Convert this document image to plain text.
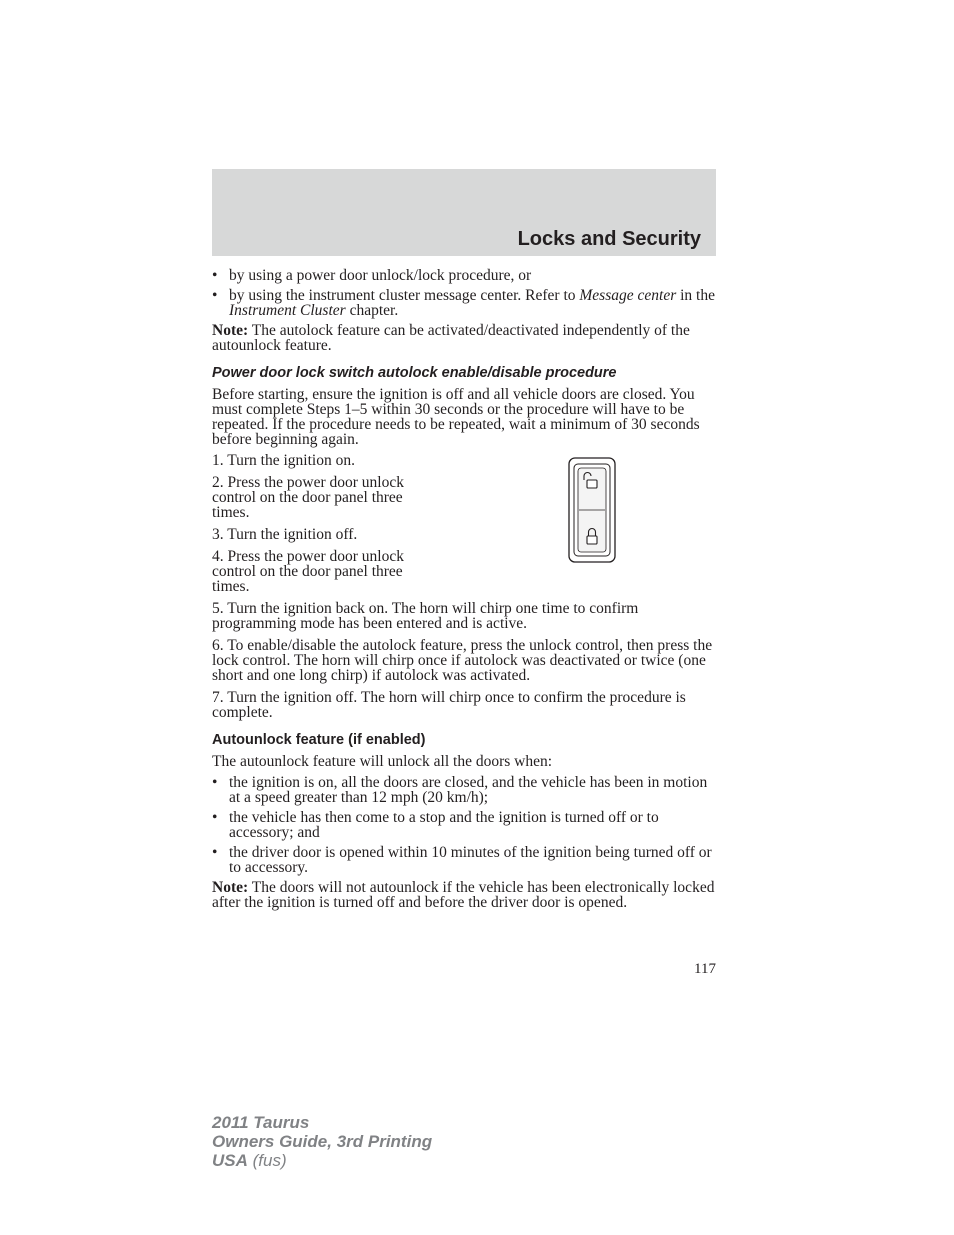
Locks and Security
• by using a power door unlock/lock procedure, or
• by using the instrument cluster message center. Refer to Message center in the Instrument Cluster chapter.
Note: The autolock feature can be activated/deactivated independently of the autounlock feature.
Power door lock switch autolock enable/disable procedure
Before starting, ensure the ignition is off and all vehicle doors are closed. You must complete Steps 1–5 within 30 seconds or the procedure will have to be repeated. If the procedure needs to be repeated, wait a minimum of 30 seconds before beginning again.
1. Turn the ignition on.
2. Press the power door unlock control on the door panel three times.
3. Turn the ignition off.
4. Press the power door unlock control on the door panel three times.
5. Turn the ignition back on. The horn will chirp one time to confirm programming mode has been entered and is active.
6. To enable/disable the autolock feature, press the unlock control, then press the lock control. The horn will chirp once if autolock was deactivated or twice (one short and one long chirp) if autolock was activated.
7. Turn the ignition off. The horn will chirp once to confirm the procedure is complete.
Autounlock feature (if enabled)
The autounlock feature will unlock all the doors when:
• the ignition is on, all the doors are closed, and the vehicle has been in motion at a speed greater than 12 mph (20 km/h);
• the vehicle has then come to a stop and the ignition is turned off or to accessory; and
• the driver door is opened within 10 minutes of the ignition being turned off or to accessory.
Note: The doors will not autounlock if the vehicle has been electronically locked after the ignition is turned off and before the driver door is opened.
117
2011 Taurus
Owners Guide, 3rd Printing
USA (fus)
